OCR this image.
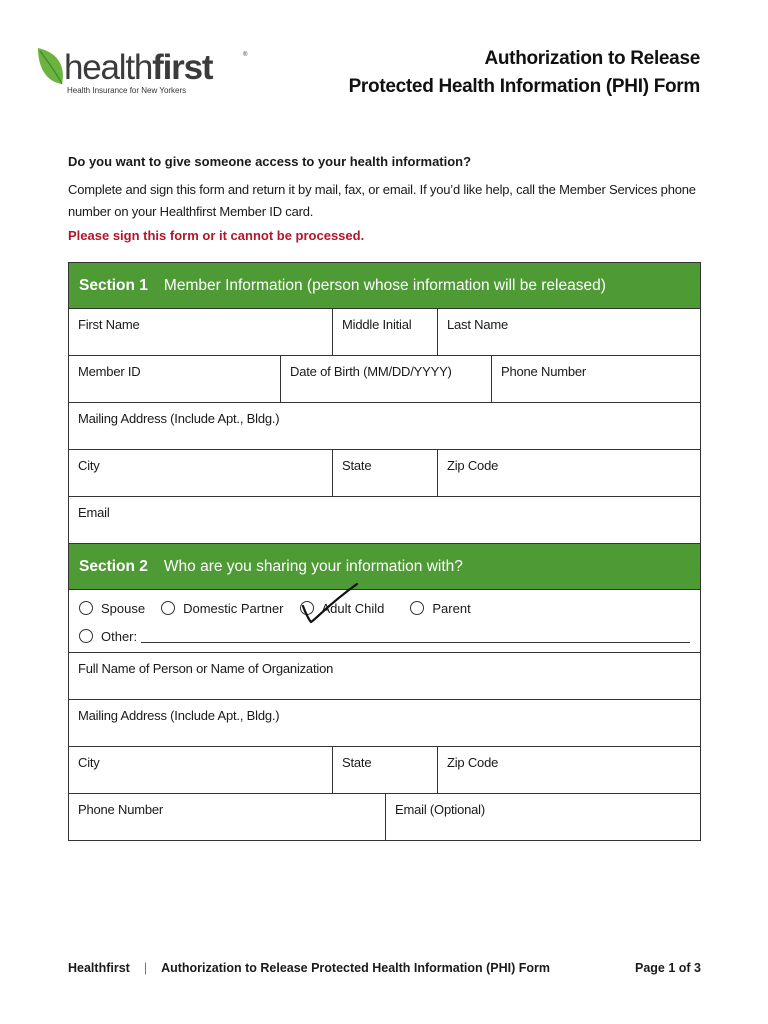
healthfirst	®
Health Insurance for New Yorkers
Authorization to Release
Protected Health Information (PHI) Form
Do you want to give someone access to your health information?
Complete and sign this form and return it by mail, fax, or email. If you’d like help, call the Member Services phone number on your Healthfirst Member ID card.
Please sign this form or it cannot be processed.
Section 1 Member Information (person whose information will be released)
First Name	Middle Initial	Last Name
Member ID	Date of Birth (MM/DD/YYYY)	Phone Number
Mailing Address (Include Apt., Bldg.)
City	State	Zip Code
Email
Section 2 Who are you sharing your information with?
Spouse	Domestic Partner	Adult Child	Parent
Other:
Full Name of Person or Name of Organization
Mailing Address (Include Apt., Bldg.)
City	State	Zip Code
Phone Number	Email (Optional)
Healthfirst | Authorization to Release Protected Health Information (PHI) Form	Page 1 of 3
